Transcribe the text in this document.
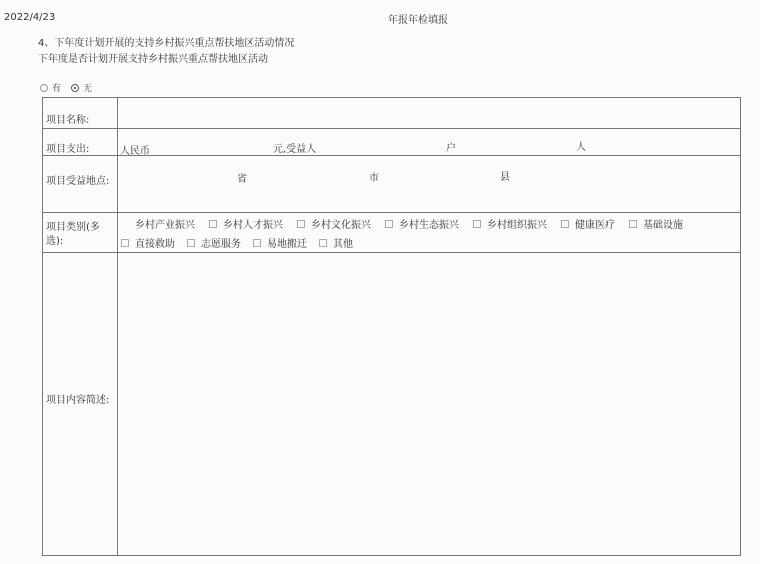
2022/4/23	年报年检填报
4、下年度计划开展的支持乡村振兴重点帮扶地区活动情况
下年度是否计划开展支持乡村振兴重点帮扶地区活动
有 无
项目名称:
项目支出:	人民币	元,受益人	户	人
项目受益地点:	省	市	县
项目类别(多选):
乡村产业振兴	乡村人才振兴	乡村文化振兴	乡村生态振兴	乡村组织振兴	健康医疗	基础设施
直接救助	志愿服务	易地搬迁	其他
项目内容简述:
